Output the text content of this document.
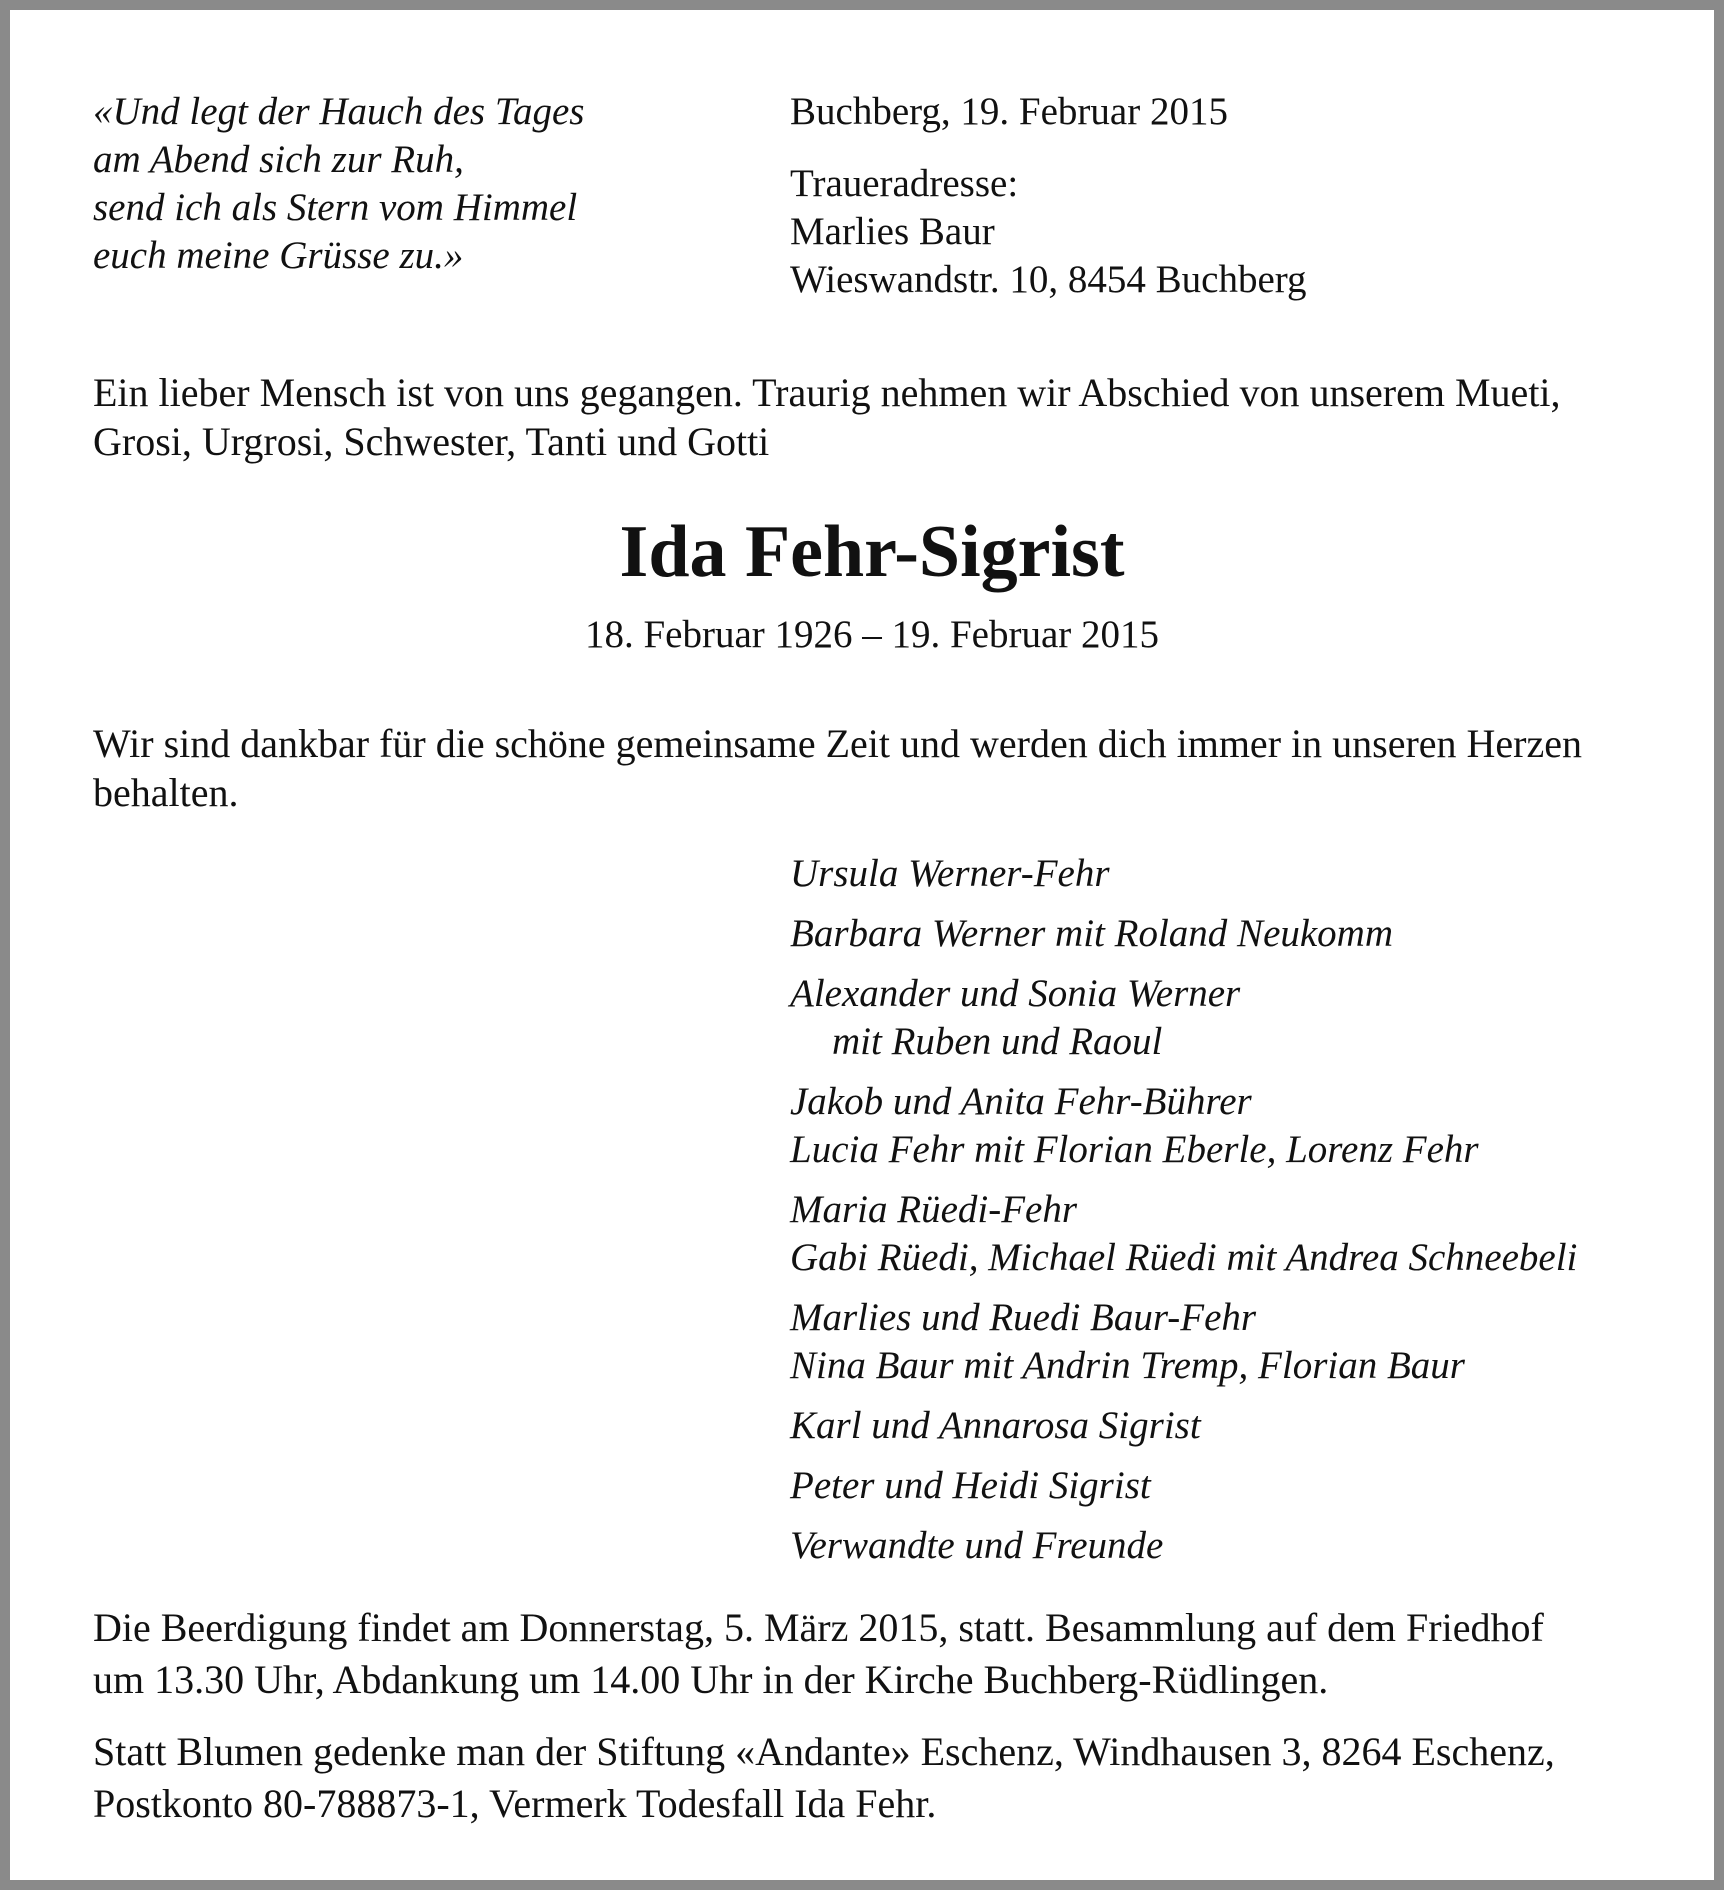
«Und legt der Hauch des Tages
am Abend sich zur Ruh,
send ich als Stern vom Himmel
euch meine Grüsse zu.»
Buchberg, 19. Februar 2015
Traueradresse:
Marlies Baur
Wieswandstr. 10, 8454 Buchberg
Ein lieber Mensch ist von uns gegangen. Traurig nehmen wir Abschied von unserem Mueti,
Grosi, Urgrosi, Schwester, Tanti und Gotti
Ida Fehr-Sigrist
18. Februar 1926 – 19. Februar 2015
Wir sind dankbar für die schöne gemeinsame Zeit und werden dich immer in unseren Herzen
behalten.
Ursula Werner-Fehr
Barbara Werner mit Roland Neukomm
Alexander und Sonia Werner
mit Ruben und Raoul
Jakob und Anita Fehr-Bührer
Lucia Fehr mit Florian Eberle, Lorenz Fehr
Maria Rüedi-Fehr
Gabi Rüedi, Michael Rüedi mit Andrea Schneebeli
Marlies und Ruedi Baur-Fehr
Nina Baur mit Andrin Tremp, Florian Baur
Karl und Annarosa Sigrist
Peter und Heidi Sigrist
Verwandte und Freunde
Die Beerdigung findet am Donnerstag, 5. März 2015, statt. Besammlung auf dem Friedhof
um 13.30 Uhr, Abdankung um 14.00 Uhr in der Kirche Buchberg-Rüdlingen.
Statt Blumen gedenke man der Stiftung «Andante» Eschenz, Windhausen 3, 8264 Eschenz,
Postkonto 80-788873-1, Vermerk Todesfall Ida Fehr.
